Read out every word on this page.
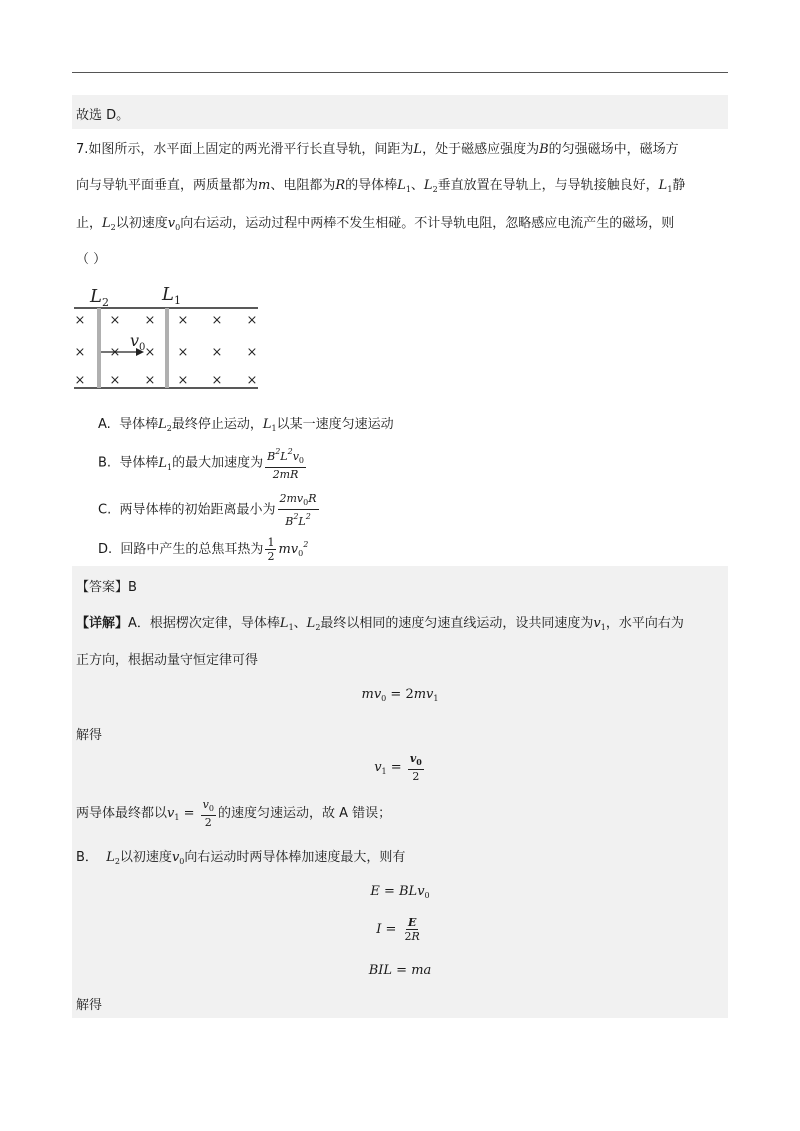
故选 D。
7.如图所示，水平面上固定的两光滑平行长直导轨，间距为L，处于磁感应强度为B的匀强磁场中，磁场方
向与导轨平面垂直，两质量都为m、电阻都为R的导体棒$L_1$、$L_2$垂直放置在导轨上，与导轨接触良好，$L_1$静
止，$L_2$以初速度$v_0$向右运动，运动过程中两棒不发生相碰。不计导轨电阻，忽略感应电流产生的磁场，则
（ ）
$L_2$	$L_1$
× × × × × ×
× × × × × ×
× × × × × ×
$v_0$
A. 导体棒$L_2$最终停止运动，$L_1$以某一速度匀速运动
B. 导体棒$L_1$的最大加速度为 $\frac{B^2L^2v_0}{2mR}$
C. 两导体棒的初始距离最小为 $\frac{2mv_0R}{B^2L^2}$
D. 回路中产生的总焦耳热为 $\frac{1}{2} mv_0^2$
【答案】B
【详解】A．根据楞次定律，导体棒$L_1$、$L_2$最终以相同的速度匀速直线运动，设共同速度为$v_1$，水平向右为
正方向，根据动量守恒定律可得
$mv_0 = 2mv_1$
解得
$v_1 = \frac{v_0}{2}$
两导体最终都以$v_1 = \frac{v_0}{2}$ 的速度匀速运动，故 A 错误；
B． $L_2$以初速度$v_0$向右运动时两导体棒加速度最大，则有
E = BLv$_0$
$I = \frac{E}{2R}$
BIL = ma
解得
